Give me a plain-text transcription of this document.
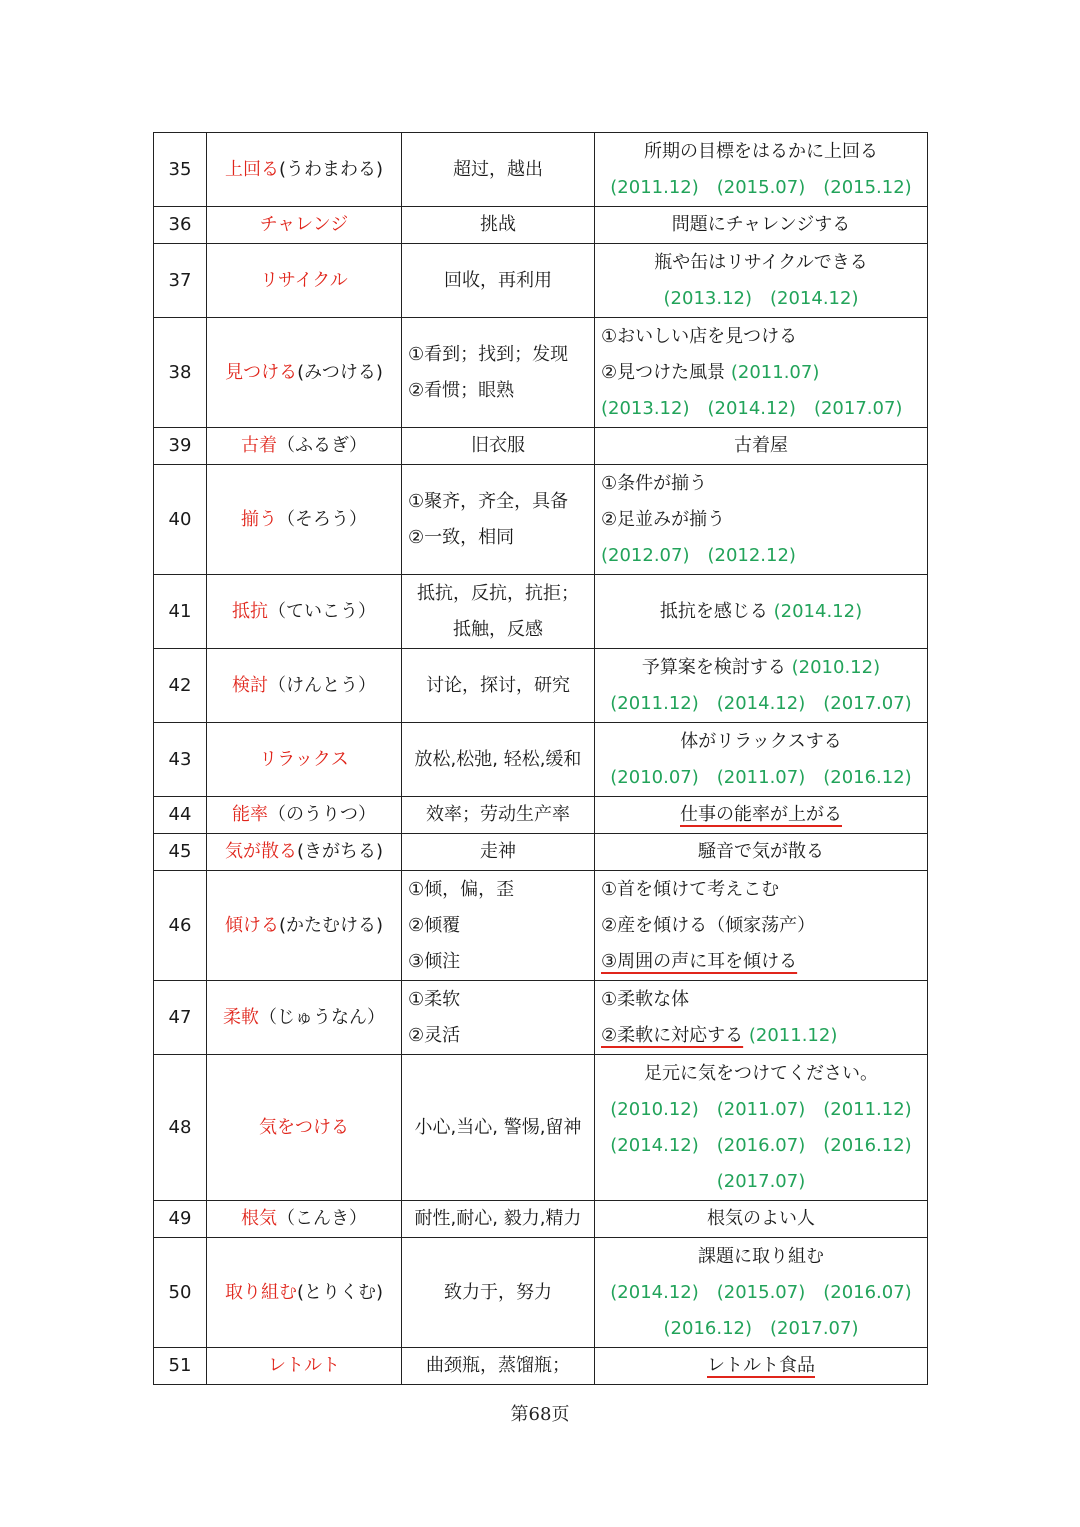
35	上回る(うわまわる)	超过，越出	所期の目標をはるかに上回る
(2011.12)　(2015.07)　(2015.12)

36	チャレンジ	挑战	問題にチャレンジする

37	リサイクル	回收，再利用	瓶や缶はリサイクルできる
(2013.12)　(2014.12)

38	見つける(みつける)	①看到；找到；发现
②看惯；眼熟	①おいしい店を見つける
②見つけた風景 (2011.07)
(2013.12)　(2014.12)　(2017.07)

39	古着（ふるぎ）	旧衣服	古着屋

40	揃う（そろう）	①聚齐，齐全，具备
②一致，相同	①条件が揃う
②足並みが揃う
(2012.07)　(2012.12)

41	抵抗（ていこう）	抵抗，反抗，抗拒；
抵触，反感	抵抗を感じる (2014.12)

42	検討（けんとう）	讨论，探讨，研究	予算案を検討する (2010.12)
(2011.12)　(2014.12)　(2017.07)

43	リラックス	放松,松弛, 轻松,缓和	体がリラックスする
(2010.07)　(2011.07)　(2016.12)

44	能率（のうりつ）	效率；劳动生产率	仕事の能率が上がる

45	気が散る(きがちる)	走神	騒音で気が散る

46	傾ける(かたむける)	①倾，偏，歪
②倾覆
③倾注	①首を傾けて考えこむ
②産を傾ける（倾家荡产）
③周囲の声に耳を傾ける

47	柔軟（じゅうなん）	①柔软
②灵活	①柔軟な体
②柔軟に対応する (2011.12)

48	気をつける	小心,当心, 警惕,留神	足元に気をつけてください。
(2010.12)　(2011.07)　(2011.12)
(2014.12)　(2016.07)　(2016.12)
(2017.07)

49	根気（こんき）	耐性,耐心, 毅力,精力	根気のよい人

50	取り組む(とりくむ)	致力于，努力	課題に取り組む
(2014.12)　(2015.07)　(2016.07)
(2016.12)　(2017.07)

51	レトルト	曲颈瓶，蒸馏瓶；	レトルト食品
第68页
